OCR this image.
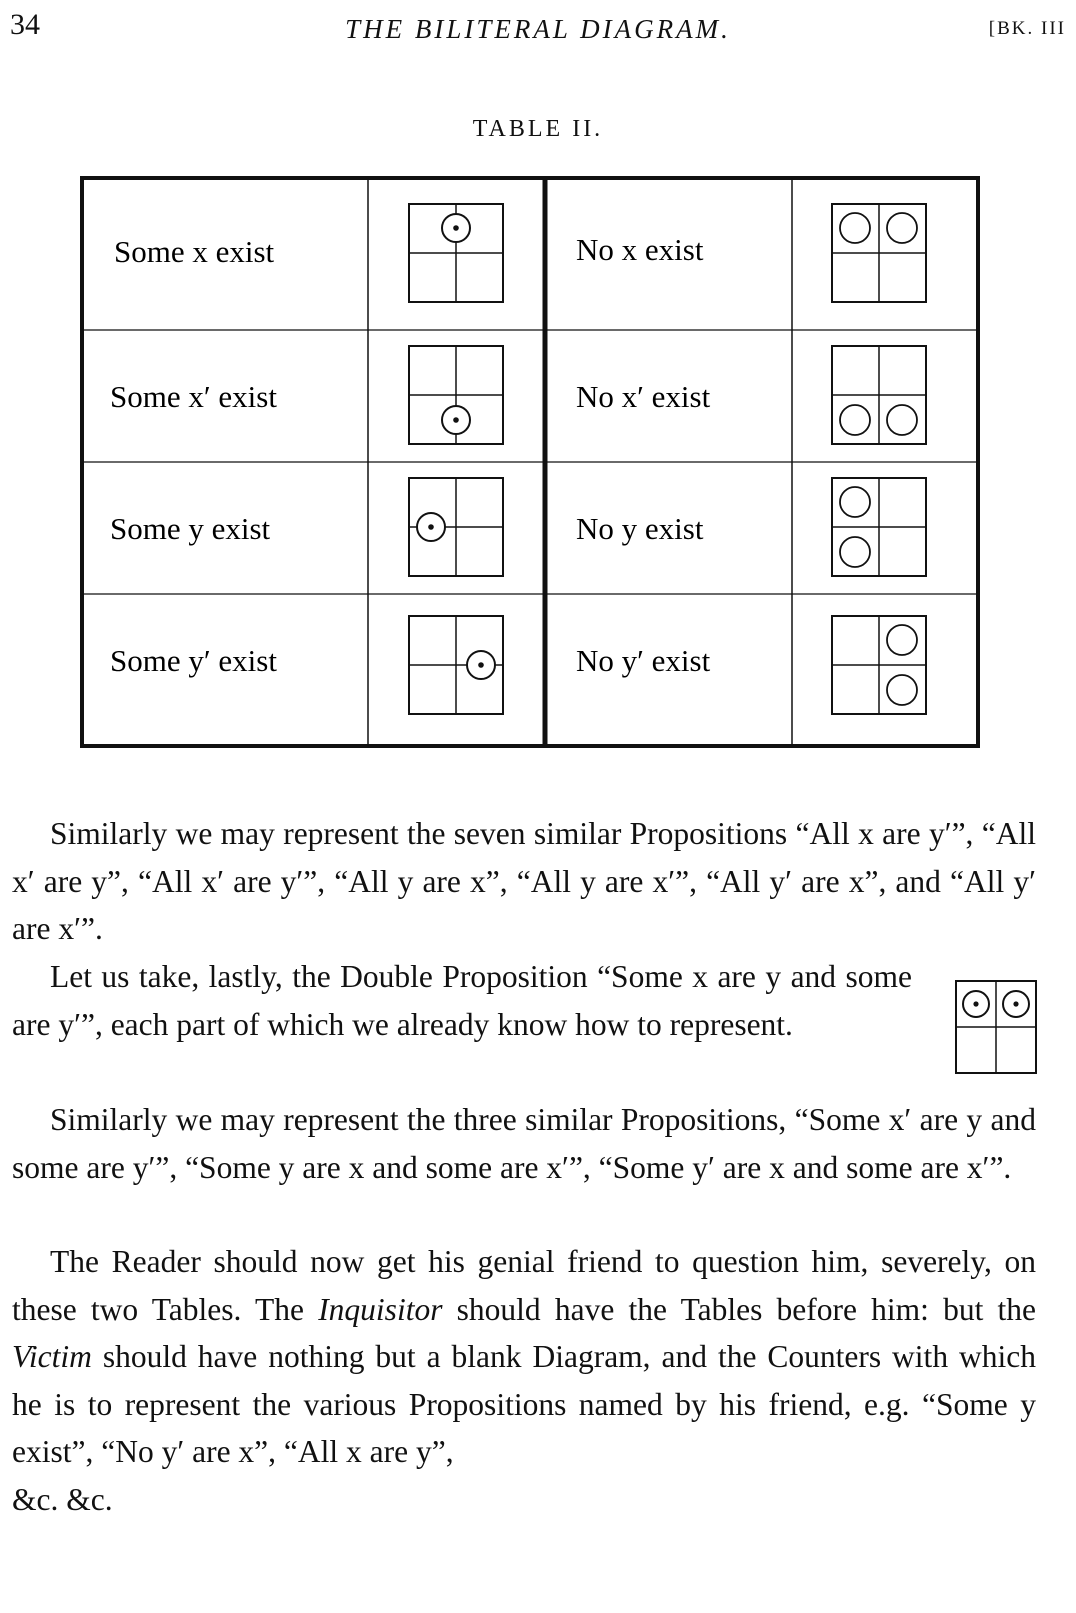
34	THE BILITERAL DIAGRAM.	[BK. III
TABLE II.
Some x exist
Some x′ exist
Some y exist
Some y′ exist
No x exist
No x′ exist
No y exist
No y′ exist

Similarly we may represent the seven similar Propositions “All x are y′”, “All x′ are y”, “All x′ are y′”, “All y are x”, “All y are x′”, “All y′ are x”, and “All y′ are x′”.

Let us take, lastly, the Double Proposition “Some x are y and some are y′”, each part of which we already know how to represent.

Similarly we may represent the three similar Propositions, “Some x′ are y and some are y′”, “Some y are x and some are x′”, “Some y′ are x and some are x′”.

The Reader should now get his genial friend to question him, severely, on these two Tables. The Inquisitor should have the Tables before him: but the Victim should have nothing but a blank Diagram, and the Counters with which he is to represent the various Propositions named by his friend, e.g. “Some y exist”, “No y′ are x”, “All x are y”,

&c. &c.
